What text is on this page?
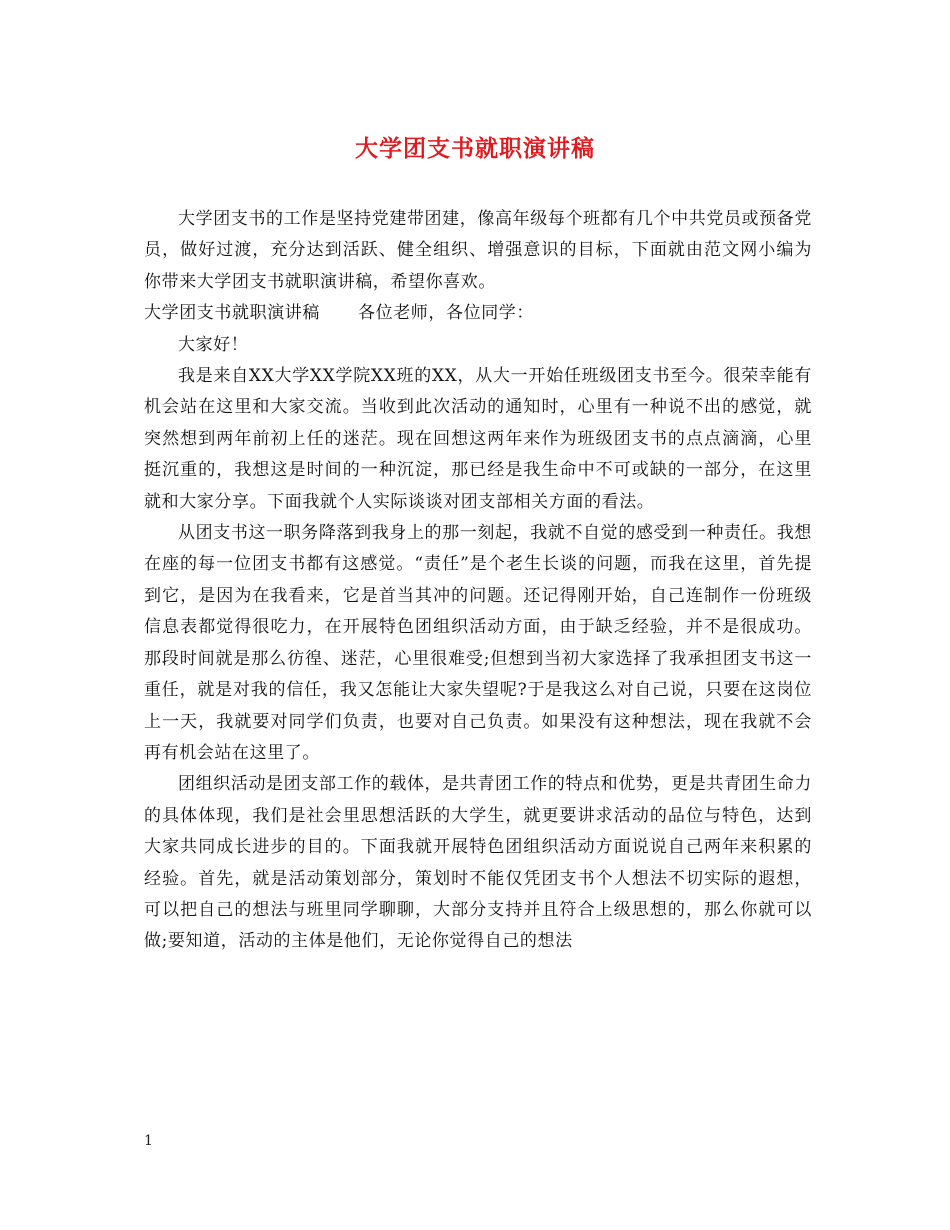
大学团支书就职演讲稿

大学团支书的工作是坚持党建带团建，像高年级每个班都有几个中共党员或预备党员，做好过渡，充分达到活跃、健全组织、增强意识的目标，下面就由范文网小编为你带来大学团支书就职演讲稿，希望你喜欢。

大学团支书就职演讲稿 各位老师，各位同学：

大家好！

我是来自XX大学XX学院XX班的XX，从大一开始任班级团支书至今。很荣幸能有机会站在这里和大家交流。当收到此次活动的通知时，心里有一种说不出的感觉，就突然想到两年前初上任的迷茫。现在回想这两年来作为班级团支书的点点滴滴，心里挺沉重的，我想这是时间的一种沉淀，那已经是我生命中不可或缺的一部分，在这里就和大家分享。下面我就个人实际谈谈对团支部相关方面的看法。

从团支书这一职务降落到我身上的那一刻起，我就不自觉的感受到一种责任。我想在座的每一位团支书都有这感觉。“责任”是个老生长谈的问题，而我在这里，首先提到它，是因为在我看来，它是首当其冲的问题。还记得刚开始，自己连制作一份班级信息表都觉得很吃力，在开展特色团组织活动方面，由于缺乏经验，并不是很成功。那段时间就是那么彷徨、迷茫，心里很难受;但想到当初大家选择了我承担团支书这一重任，就是对我的信任，我又怎能让大家失望呢?于是我这么对自己说，只要在这岗位上一天，我就要对同学们负责，也要对自己负责。如果没有这种想法，现在我就不会再有机会站在这里了。

团组织活动是团支部工作的载体，是共青团工作的特点和优势，更是共青团生命力的具体体现，我们是社会里思想活跃的大学生，就更要讲求活动的品位与特色，达到大家共同成长进步的目的。下面我就开展特色团组织活动方面说说自己两年来积累的经验。首先，就是活动策划部分，策划时不能仅凭团支书个人想法不切实际的遐想，可以把自己的想法与班里同学聊聊，大部分支持并且符合上级思想的，那么你就可以做;要知道，活动的主体是他们，无论你觉得自己的想法

1
